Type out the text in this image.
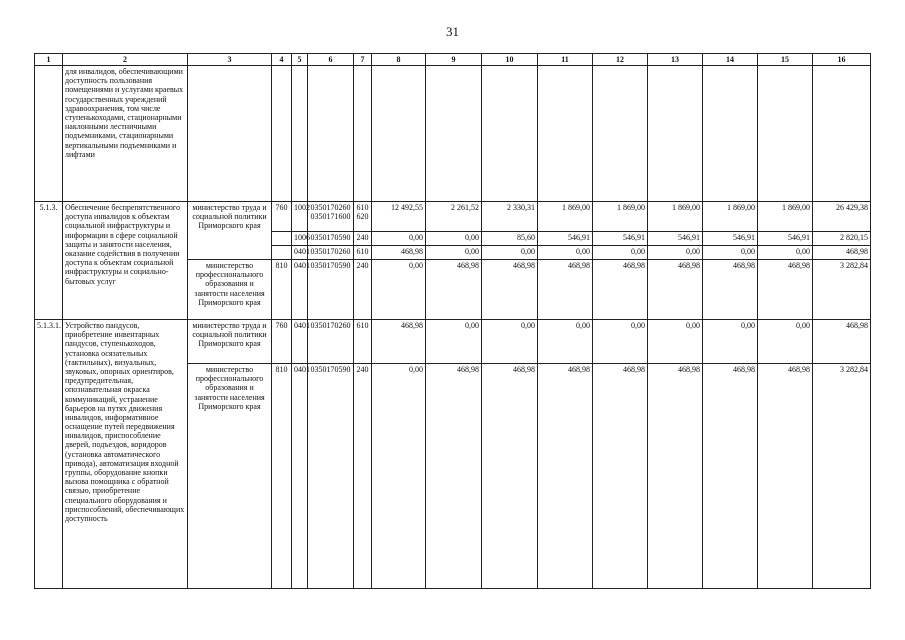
31
1	2	3	4	5	6	7	8	9	10	11	12	13	14	15	16
	для инвалидов, обеспечивающими доступность пользования помещениями и услугами краевых государственных учреждений здравоохранения, том числе ступенькоходами, стационарными наклонными лестничными подъемниками, стационарными вертикальными подъемниками и лифтами														
5.1.3.	Обеспечение беспрепятственного доступа инвалидов к объектам социальной инфраструктуры и информации в сфере социальной защиты и занятости населения, оказание содействия в получении доступа к объектам социальной инфраструктуры и социально-бытовых услуг	министерство труда и социальной политики Приморского края	760	1002	0350170260 0350171600	610 620	12 492,55	2 261,52	2 330,31	1 869,00	1 869,00	1 869,00	1 869,00	1 869,00	26 429,38
				1006	0350170590	240	0,00	0,00	85,60	546,91	546,91	546,91	546,91	546,91	2 820,15
				0401	0350170260	610	468,98	0,00	0,00	0,00	0,00	0,00	0,00	0,00	468,98
		министерство профессионального образования и занятости населения Приморского края	810	0401	0350170590	240	0,00	468,98	468,98	468,98	468,98	468,98	468,98	468,98	3 282,84
5.1.3.1.	Устройство пандусов, приобретение инвентарных пандусов, ступенькоходов, установка осязательных (тактильных), визуальных, звуковых, опорных ориентиров, предупредительная, опознавательная окраска коммуникаций, устранение барьеров на путях движения инвалидов, информативное оснащение путей передвижения инвалидов, приспособление дверей, подъездов, коридоров (установка автоматического привода), автоматизация входной группы, оборудование кнопки вызова помощника с обратной связью, приобретение специального оборудования и приспособлений, обеспечивающих доступность	министерство труда и социальной политики Приморского края	760	0401	0350170260	610	468,98	0,00	0,00	0,00	0,00	0,00	0,00	0,00	468,98
		министерство профессионального образования и занятости населения Приморского края	810	0401	0350170590	240	0,00	468,98	468,98	468,98	468,98	468,98	468,98	468,98	3 282,84
